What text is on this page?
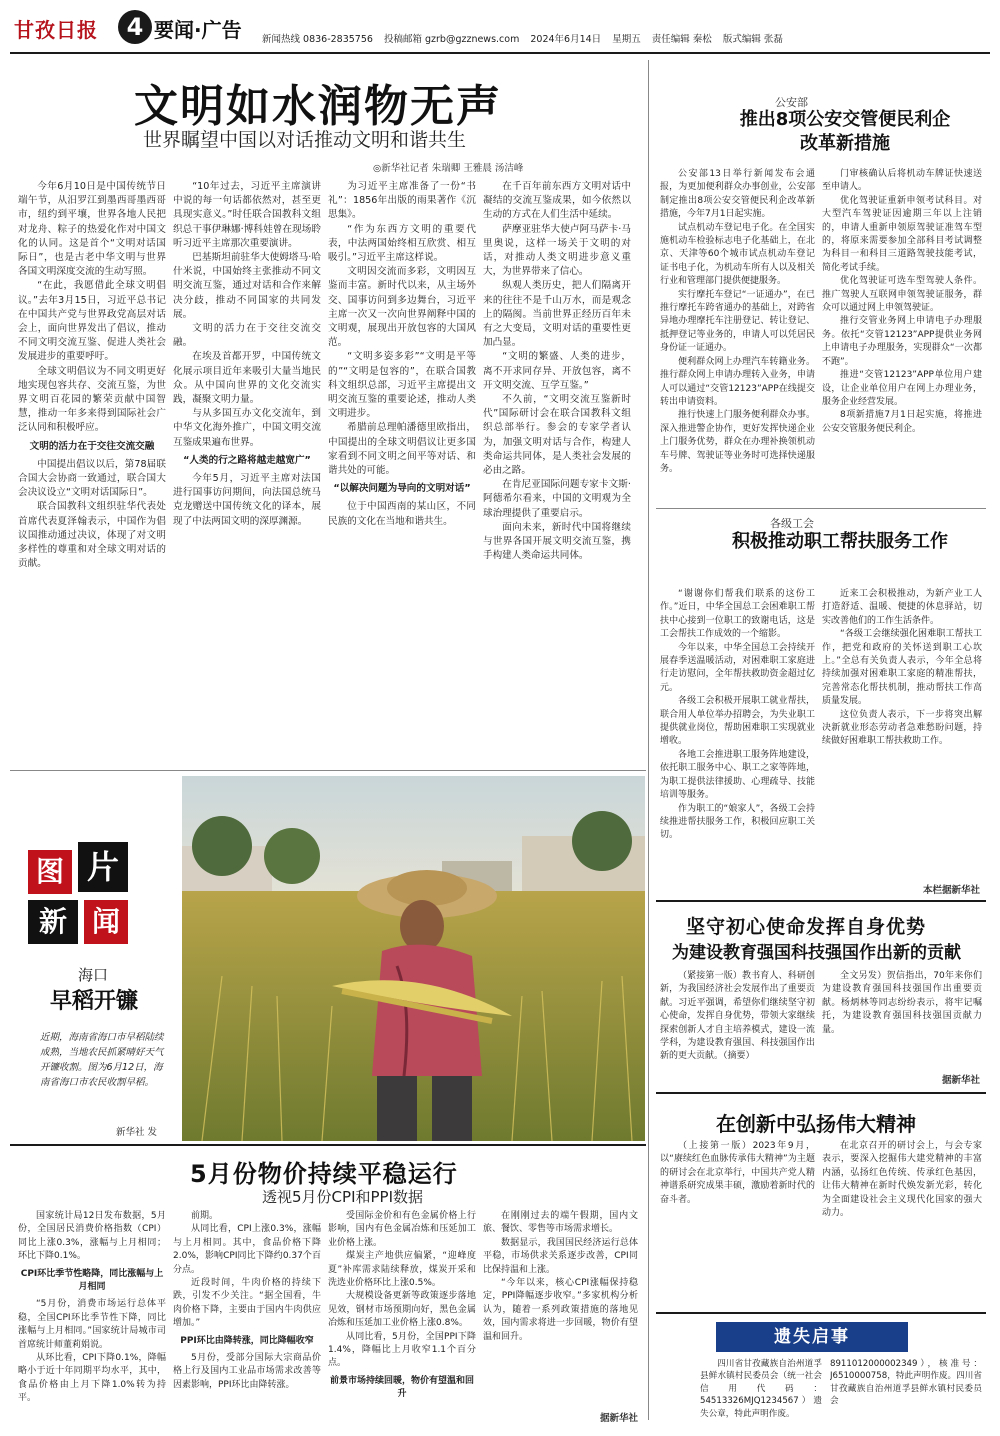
甘孜日报	4 要闻·广告 新闻热线 0836-2835756 投稿邮箱 gzrb@gzznews.com 2024年6月14日 星期五 责任编辑 秦松 版式编辑 张磊
文明如水润物无声
世界瞩望中国以对话推动文明和谐共生
◎新华社记者 朱瑞卿 王雅晨 汤洁峰

今年6月10日是中国传统节日端午节，从汨罗江到墨西哥墨西哥市，纽约到平壤，世界各地人民把对龙舟、粽子的热爱化作对中国文化的认同。这是首个“文明对话国际日”，也是古老中华文明与世界各国文明深度交流的生动写照。

“在此，我愿借此全球文明倡议。”去年3月15日，习近平总书记在中国共产党与世界政党高层对话会上，面向世界发出了倡议，推动不同文明交流互鉴、促进人类社会发展进步的重要呼吁。

全球文明倡议为不同文明更好地实现包容共存、交流互鉴，为世界文明百花园的繁荣贡献中国智慧，推动一年多来得到国际社会广泛认同和积极呼应。

文明的活力在于交往交流交融

中国提出倡议以后，第78届联合国大会协商一致通过，联合国大会决议设立“文明对话国际日”。

联合国教科文组织驻华代表处首席代表夏泽翰表示，中国作为倡议国推动通过决议，体现了对文明多样性的尊重和对全球文明对话的贡献。

“10年过去，习近平主席演讲中说的每一句话都依然对，甚至更具现实意义。”时任联合国教科文组织总干事伊琳娜·博科娃曾在现场聆听习近平主席那次重要演讲。

巴基斯坦前驻华大使姆塔马·哈什米说，中国始终主张推动不同文明交流互鉴，通过对话和合作来解决分歧，推动不同国家的共同发展。

文明的活力在于交往交流交融。

在埃及首都开罗，中国传统文化展示项目近年来吸引大量当地民众。从中国向世界的文化交流实践，凝聚文明力量。

与从多国互办文化交流年，到中华文化海外推广，中国文明交流互鉴成果遍布世界。

“人类的行之路将越走越宽广”

今年5月，习近平主席对法国进行国事访问期间，向法国总统马克龙赠送中国传统文化的译本，展现了中法两国文明的深厚渊源。

为习近平主席准备了一份“书礼”：1856年出版的雨果著作《沉思集》。

“作为东西方文明的重要代表，中法两国始终相互欣赏、相互吸引。”习近平主席这样说。

文明因交流而多彩，文明因互鉴而丰富。新时代以来，从主场外交、国事访问到多边舞台，习近平主席一次又一次向世界阐释中国的文明观，展现出开放包容的大国风范。

“文明多姿多彩”“文明是平等的”“文明是包容的”，在联合国教科文组织总部，习近平主席提出文明交流互鉴的重要论述，推动人类文明进步。

希腊前总理帕潘德里欧指出，中国提出的全球文明倡议让更多国家看到不同文明之间平等对话、和谐共处的可能。

“以解决问题为导向的文明对话”

位于中国西南的某山区，不同民族的文化在当地和谐共生。

在千百年前东西方文明对话中凝结的交流互鉴成果，如今依然以生动的方式在人们生活中延续。

萨摩亚驻华大使卢阿马萨卡·马里奥说，这样一场关于文明的对话，对推动人类文明进步意义重大，为世界带来了信心。

纵观人类历史，把人们隔离开来的往往不是千山万水，而是观念上的隔阂。当前世界正经历百年未有之大变局，文明对话的重要性更加凸显。

“文明的繁盛、人类的进步，离不开求同存异、开放包容，离不开文明交流、互学互鉴。”

不久前，“文明交流互鉴新时代”国际研讨会在联合国教科文组织总部举行。参会的专家学者认为，加强文明对话与合作，构建人类命运共同体，是人类社会发展的必由之路。

在肯尼亚国际问题专家卡文斯·阿德希尔看来，中国的文明观为全球治理提供了重要启示。

面向未来，新时代中国将继续与世界各国开展文明交流互鉴，携手构建人类命运共同体。

公安部
推出8项公安交管便民利企改革新措施

公安部13日举行新闻发布会通报，为更加便利群众办事创业，公安部制定推出8项公安交管便民利企改革新措施，今年7月1日起实施。

试点机动车登记电子化。在全国实施机动车检验标志电子化基础上，在北京、天津等60个城市试点机动车登记证书电子化，为机动车所有人以及相关行业和管理部门提供便捷服务。

实行摩托车登记“一证通办”，在已推行摩托车跨省通办的基础上，对跨省异地办理摩托车注册登记、转让登记、抵押登记等业务的，申请人可以凭居民身份证一证通办。

便利群众网上办理汽车转籍业务。推行群众网上申请办理转入业务，申请人可以通过“交管12123”APP在线提交转出申请资料。

推行快速上门服务便利群众办事。深入推进警企协作，更好发挥快递企业上门服务优势，群众在办理补换领机动车号牌、驾驶证等业务时可选择快递服务。

门审核确认后将机动车牌证快速送至申请人。

优化驾驶证重新申领考试科目。对大型汽车驾驶证因逾期三年以上注销的，申请人重新申领原驾驶证准驾车型的，将原来需要参加全部科目考试调整为科目一和科目三道路驾驶技能考试，简化考试手续。

优化驾驶证可选车型驾驶人条件。推广驾驶人互联网申领驾驶证服务，群众可以通过网上申领驾驶证。

推行交管业务网上申请电子办理服务。依托“交管12123”APP提供业务网上申请电子办理服务，实现群众“一次都不跑”。

推进“交管12123”APP单位用户建设，让企业单位用户在网上办理业务，服务企业经营发展。

8项新措施7月1日起实施，将推进公安交管服务便民利企。

各级工会
积极推动职工帮扶服务工作

“谢谢你们帮我们联系的这份工作。”近日，中华全国总工会困难职工帮扶中心接到一位职工的致谢电话，这是工会帮扶工作成效的一个缩影。

今年以来，中华全国总工会持续开展春季送温暖活动，对困难职工家庭进行走访慰问，全年帮扶救助资金超过亿元。

各级工会积极开展职工就业帮扶，联合用人单位举办招聘会，为失业职工提供就业岗位，帮助困难职工实现就业增收。

各地工会推进职工服务阵地建设，依托职工服务中心、职工之家等阵地，为职工提供法律援助、心理疏导、技能培训等服务。

作为职工的“娘家人”，各级工会持续推进帮扶服务工作，积极回应职工关切。

近来工会积极推动，为新产业工人打造舒适、温暖、便捷的休息驿站，切实改善他们的工作生活条件。

“各级工会继续强化困难职工帮扶工作，把党和政府的关怀送到职工心坎上。”全总有关负责人表示，今年全总将持续加强对困难职工家庭的精准帮扶，完善常态化帮扶机制，推动帮扶工作高质量发展。

这位负责人表示，下一步将突出解决新就业形态劳动者急难愁盼问题，持续做好困难职工帮扶救助工作。

本栏据新华社
图 片
新 闻
海口
早稻开镰
近期，海南省海口市早稻陆续成熟，当地农民抓紧晴好天气开镰收割。图为6月12日，海南省海口市农民收割早稻。
新华社 发
坚守初心使命发挥自身优势
为建设教育强国科技强国作出新的贡献

（紧接第一版）教书育人、科研创新，为我国经济社会发展作出了重要贡献。习近平强调，希望你们继续坚守初心使命，发挥自身优势，带领大家继续探索创新人才自主培养模式，建设一流学科，为建设教育强国、科技强国作出新的更大贡献。（摘要）

全文另发）贺信指出，70年来你们为建设教育强国科技强国作出重要贡献。杨炳林等同志纷纷表示，将牢记嘱托，为建设教育强国科技强国贡献力量。

据新华社
在创新中弘扬伟大精神

（上接第一版）2023年9月，以“赓续红色血脉传承伟大精神”为主题的研讨会在北京举行，中国共产党人精神谱系研究成果丰硕，激励着新时代的奋斗者。

在北京召开的研讨会上，与会专家表示，要深入挖掘伟大建党精神的丰富内涵，弘扬红色传统、传承红色基因，让伟大精神在新时代焕发新光彩，转化为全面建设社会主义现代化国家的强大动力。

遗失启事

四川省甘孜藏族自治州道孚县鲜水镇村民委员会（统一社会信用代码：54513326MJQ1234567）遗失公章，特此声明作废。

8911012000002349），核准号：J6510000758，特此声明作废。四川省甘孜藏族自治州道孚县鲜水镇村民委员会

5月份物价持续平稳运行
透视5月份CPI和PPI数据

国家统计局12日发布数据，5月份，全国居民消费价格指数（CPI）同比上涨0.3%，涨幅与上月相同；环比下降0.1%。

CPI环比季节性略降，同比涨幅与上月相同

“5月份，消费市场运行总体平稳，全国CPI环比季节性下降，同比涨幅与上月相同。”国家统计局城市司首席统计师董莉娟说。

从环比看，CPI下降0.1%，降幅略小于近十年同期平均水平，其中，食品价格由上月下降1.0%转为持平。

前期。

从同比看，CPI上涨0.3%，涨幅与上月相同。其中，食品价格下降2.0%，影响CPI同比下降约0.37个百分点。

近段时间，牛肉价格的持续下跌，引发不少关注。“据全国看，牛肉价格下降，主要由于国内牛肉供应增加。”

PPI环比由降转涨，同比降幅收窄

5月份，受部分国际大宗商品价格上行及国内工业品市场需求改善等因素影响，PPI环比由降转涨。

受国际金价和有色金属价格上行影响，国内有色金属冶炼和压延加工业价格上涨。

煤炭主产地供应偏紧，“迎峰度夏”补库需求陆续释放，煤炭开采和洗选业价格环比上涨0.5%。

大规模设备更新等政策逐步落地见效，钢材市场预期向好，黑色金属冶炼和压延加工业价格上涨0.8%。

从同比看，5月份，全国PPI下降1.4%，降幅比上月收窄1.1个百分点。

前景市场持续回暖，物价有望温和回升

在刚刚过去的端午假期，国内文旅、餐饮、零售等市场需求增长。

数据显示，我国国民经济运行总体平稳，市场供求关系逐步改善，CPI同比保持温和上涨。

“今年以来，核心CPI涨幅保持稳定，PPI降幅逐步收窄。”多家机构分析认为，随着一系列政策措施的落地见效，国内需求将进一步回暖，物价有望温和回升。

据新华社
